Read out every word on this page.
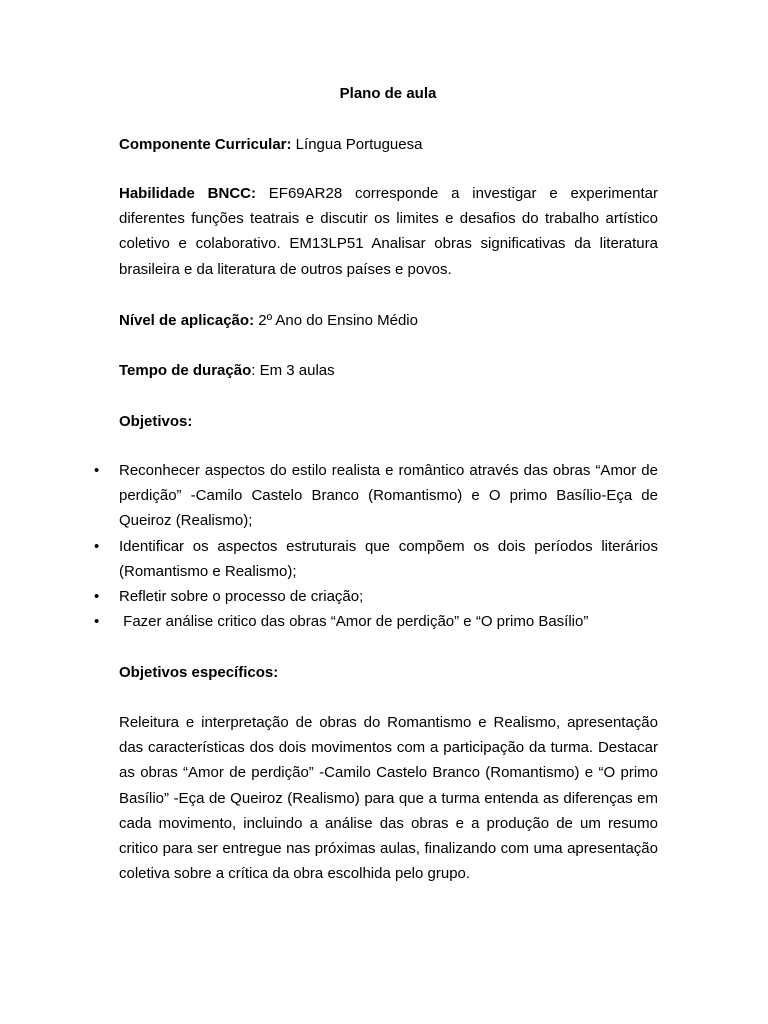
Plano de aula
Componente Curricular: Língua Portuguesa
Habilidade BNCC: EF69AR28 corresponde a investigar e experimentar diferentes funções teatrais e discutir os limites e desafios do trabalho artístico coletivo e colaborativo. EM13LP51 Analisar obras significativas da literatura brasileira e da literatura de outros países e povos.
Nível de aplicação: 2º Ano do Ensino Médio
Tempo de duração: Em 3 aulas
Objetivos:
• Reconhecer aspectos do estilo realista e romântico através das obras “Amor de perdição” -Camilo Castelo Branco (Romantismo) e O primo Basílio-Eça de Queiroz (Realismo);
• Identificar os aspectos estruturais que compõem os dois períodos literários (Romantismo e Realismo);
• Refletir sobre o processo de criação;
• Fazer análise critico das obras “Amor de perdição” e “O primo Basílio”
Objetivos específicos:
Releitura e interpretação de obras do Romantismo e Realismo, apresentação das características dos dois movimentos com a participação da turma. Destacar as obras “Amor de perdição” -Camilo Castelo Branco (Romantismo) e “O primo Basílio” -Eça de Queiroz (Realismo) para que a turma entenda as diferenças em cada movimento, incluindo a análise das obras e a produção de um resumo critico para ser entregue nas próximas aulas, finalizando com uma apresentação coletiva sobre a crítica da obra escolhida pelo grupo.
